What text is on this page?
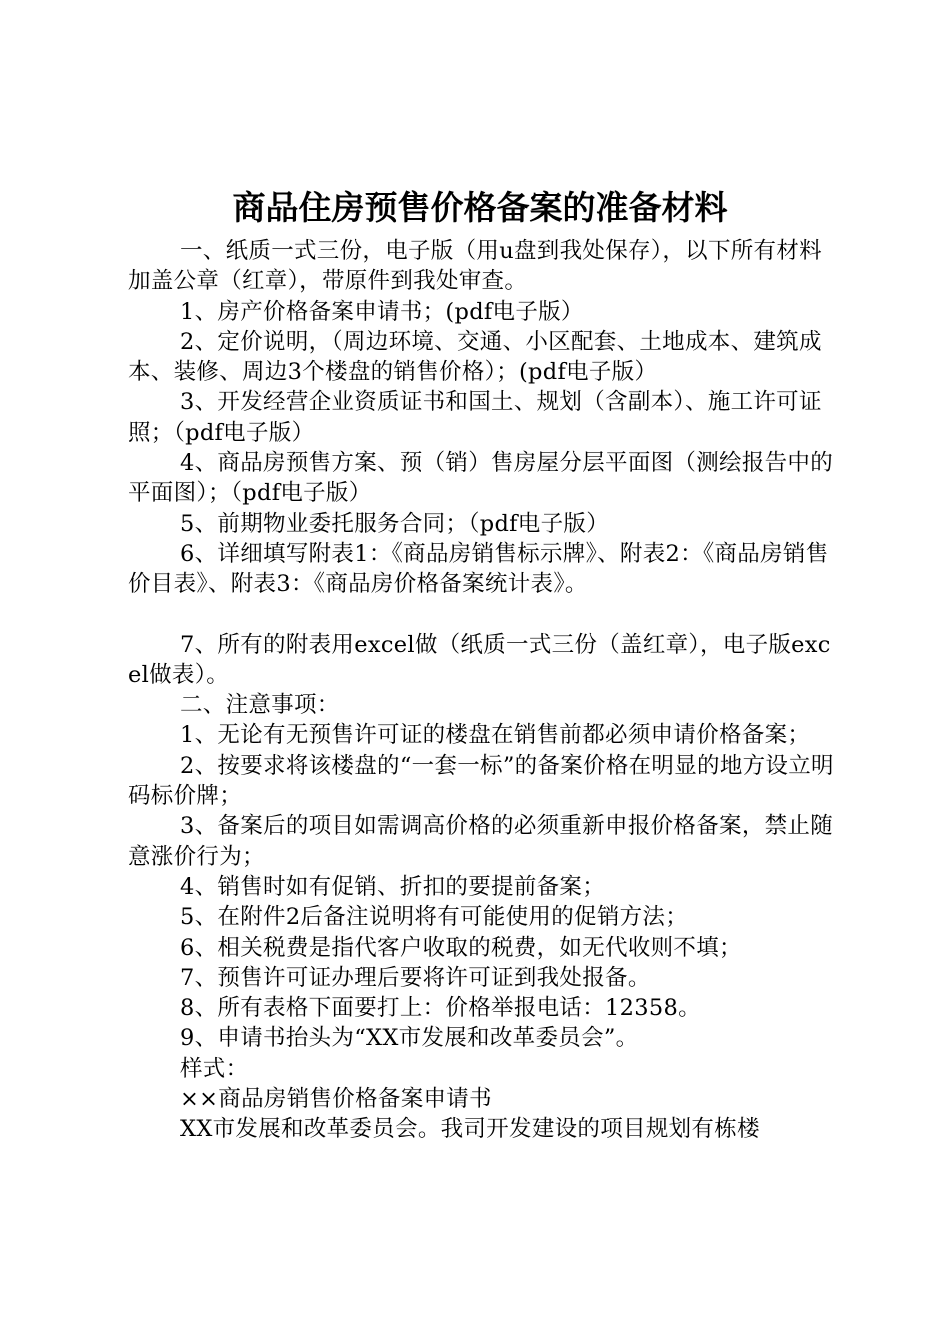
商品住房预售价格备案的准备材料

一、纸质一式三份，电子版（用u盘到我处保存），以下所有材料加盖公章（红章），带原件到我处审查。

1、房产价格备案申请书；(pdf电子版）

2、定价说明，（周边环境、交通、小区配套、土地成本、建筑成本、装修、周边3个楼盘的销售价格）；(pdf电子版）

3、开发经营企业资质证书和国土、规划（含副本）、施工许可证照；（pdf电子版）

4、商品房预售方案、预（销）售房屋分层平面图（测绘报告中的平面图）；（pdf电子版）

5、前期物业委托服务合同；（pdf电子版）

6、详细填写附表1：《商品房销售标示牌》、附表2：《商品房销售价目表》、附表3：《商品房价格备案统计表》。

7、所有的附表用excel做（纸质一式三份（盖红章），电子版excel做表）。

二、注意事项：

1、无论有无预售许可证的楼盘在销售前都必须申请价格备案；

2、按要求将该楼盘的“一套一标”的备案价格在明显的地方设立明码标价牌；

3、备案后的项目如需调高价格的必须重新申报价格备案，禁止随意涨价行为；

4、销售时如有促销、折扣的要提前备案；

5、在附件2后备注说明将有可能使用的促销方法；

6、相关税费是指代客户收取的税费，如无代收则不填；

7、预售许可证办理后要将许可证到我处报备。

8、所有表格下面要打上：价格举报电话：12358。

9、申请书抬头为“XX市发展和改革委员会”。

样式：

××商品房销售价格备案申请书

XX市发展和改革委员会。我司开发建设的项目规划有栋楼
